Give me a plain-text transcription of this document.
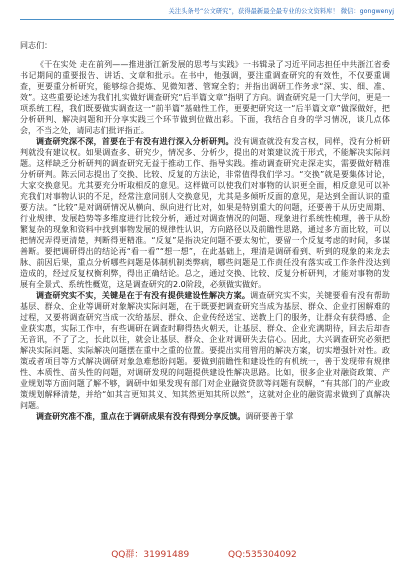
关注头条号“公文研究”，获得最新最全最专业的公文资料库！ 微信：gongwenyj

同志们：

《干在实处 走在前列——推进浙江新发展的思考与实践》一书辑录了习近平同志担任中共浙江省委书记期间的重要报告、讲话、文章和批示。在书中，他强调，要注重调查研究的有效性，不仅要重调查，更要重分析研究，能够综合提炼、见微知著、管窥全豹；并指出调研工作务求“深、实、细、准、效”。这些重要论述为我们扎实做好调查研究“后半篇文章”指明了方向。调查研究是一门大学问，更是一项系统工程，我们既要做实调查这一“前半篇”基础性工作，更要把研究这一“后半篇文章”做深做好，把分析研判、解决问题和开分享实践三个环节做到位做出彩。下面，我结合自身的学习情况，谈几点体会，不当之处，请同志们批评指正。

调查研究深不深，首要在于有没有进行深入分析研判。没有调查就没有发言权，同样，没有分析研判就没有建议权。如果调查多、研究少，情况多、分析少，提出的对策建议流于形式，不能解决实际问题。这样缺乏分析研判的调查研究无益于推动工作、指导实践。推动调查研究走深走实，需要做好精准分析研判。陈云同志提出了交换、比较、反复的方法论，非常值得我们学习。“交换”就是要集体讨论，大家交换意见。尤其要充分听取相反的意见。这样做可以使我们对事物的认识更全面，相反意见可以补充我们对事物认识的不足，经常注意同别人交换意见，尤其是多倾听反面的意见，是达到全面认识的重要方法。“比较”是对调研情况从横向、纵向进行比对，如果是特别重大的问题，还要善于从历史周期、行业规律、发展趋势等多维度进行比较分析，通过对调查情况的问题、现象进行系统性梳理，善于从纷繁复杂的现象和资料中找到事物发展的规律性认识，方向路径以及前瞻性思路，通过多方面比较，可以把情况弄得更清楚，判断得更精准。“反复”是指决定问题不要太匆忙，要留一个反复考虑的时间，多谋善断。要把调研得出的结论再“看一看”“想一想”，在此基础上，理清是调研看到、听到的现象的来龙去脉、前因后果，重点分析哪些问题是体制机制类弊病，哪些问题是工作责任没有落实或工作条件没达到造成的，经过反复权衡利弊，得出正确结论。总之，通过交换、比较、反复分析研判，才能对事物的发展有全景式、系统性概览，这是调查研究的2.0阶段，必须做实做好。

调查研究实不实，关键是在于有没有提供建设性解决方案。调查研究实不实，关键要看有没有帮助基层、群众、企业等调研对象解决实际问题，在于既要把调查研究当成为基层、群众、企业打困解难的过程，又要将调查研究当成一次给基层、群众、企业传经送宝、送教上门的服务，让群众有获得感、企业获实惠，实际工作中，有些调研在调查时聊得热火朝天，让基层、群众、企业充满期待，回去后却杳无音讯，不了了之，长此以往，就会让基层、群众、企业对调研失去信心。因此，大兴调查研究必须把解决实际问题、实际解决问题摆在重中之重的位置。要提出实用管用的解决方案，切实增强针对性。政策或者项目等方式解决调研对象急难愁盼问题。要做到前瞻性和建设性的有机统一，善于发现带有规律性、本质性、苗头性的问题，对调研发现的问题提供建设性解决思路。比如，很多企业对融资政策、产业规划等方面问题了解不够，调研中如果发现有部门对企业融资贷款等问题有误解，“有其部门的产业政策规划解释清楚，并给“如其言更知其义、知其然更知其所以然”，这就对企业的融资需求做到了真解决问题。

调查研究准不准，重点在于调研成果有没有得到分享反馈。调研要善于掌

QQ群：31991489	QQ:535304092
